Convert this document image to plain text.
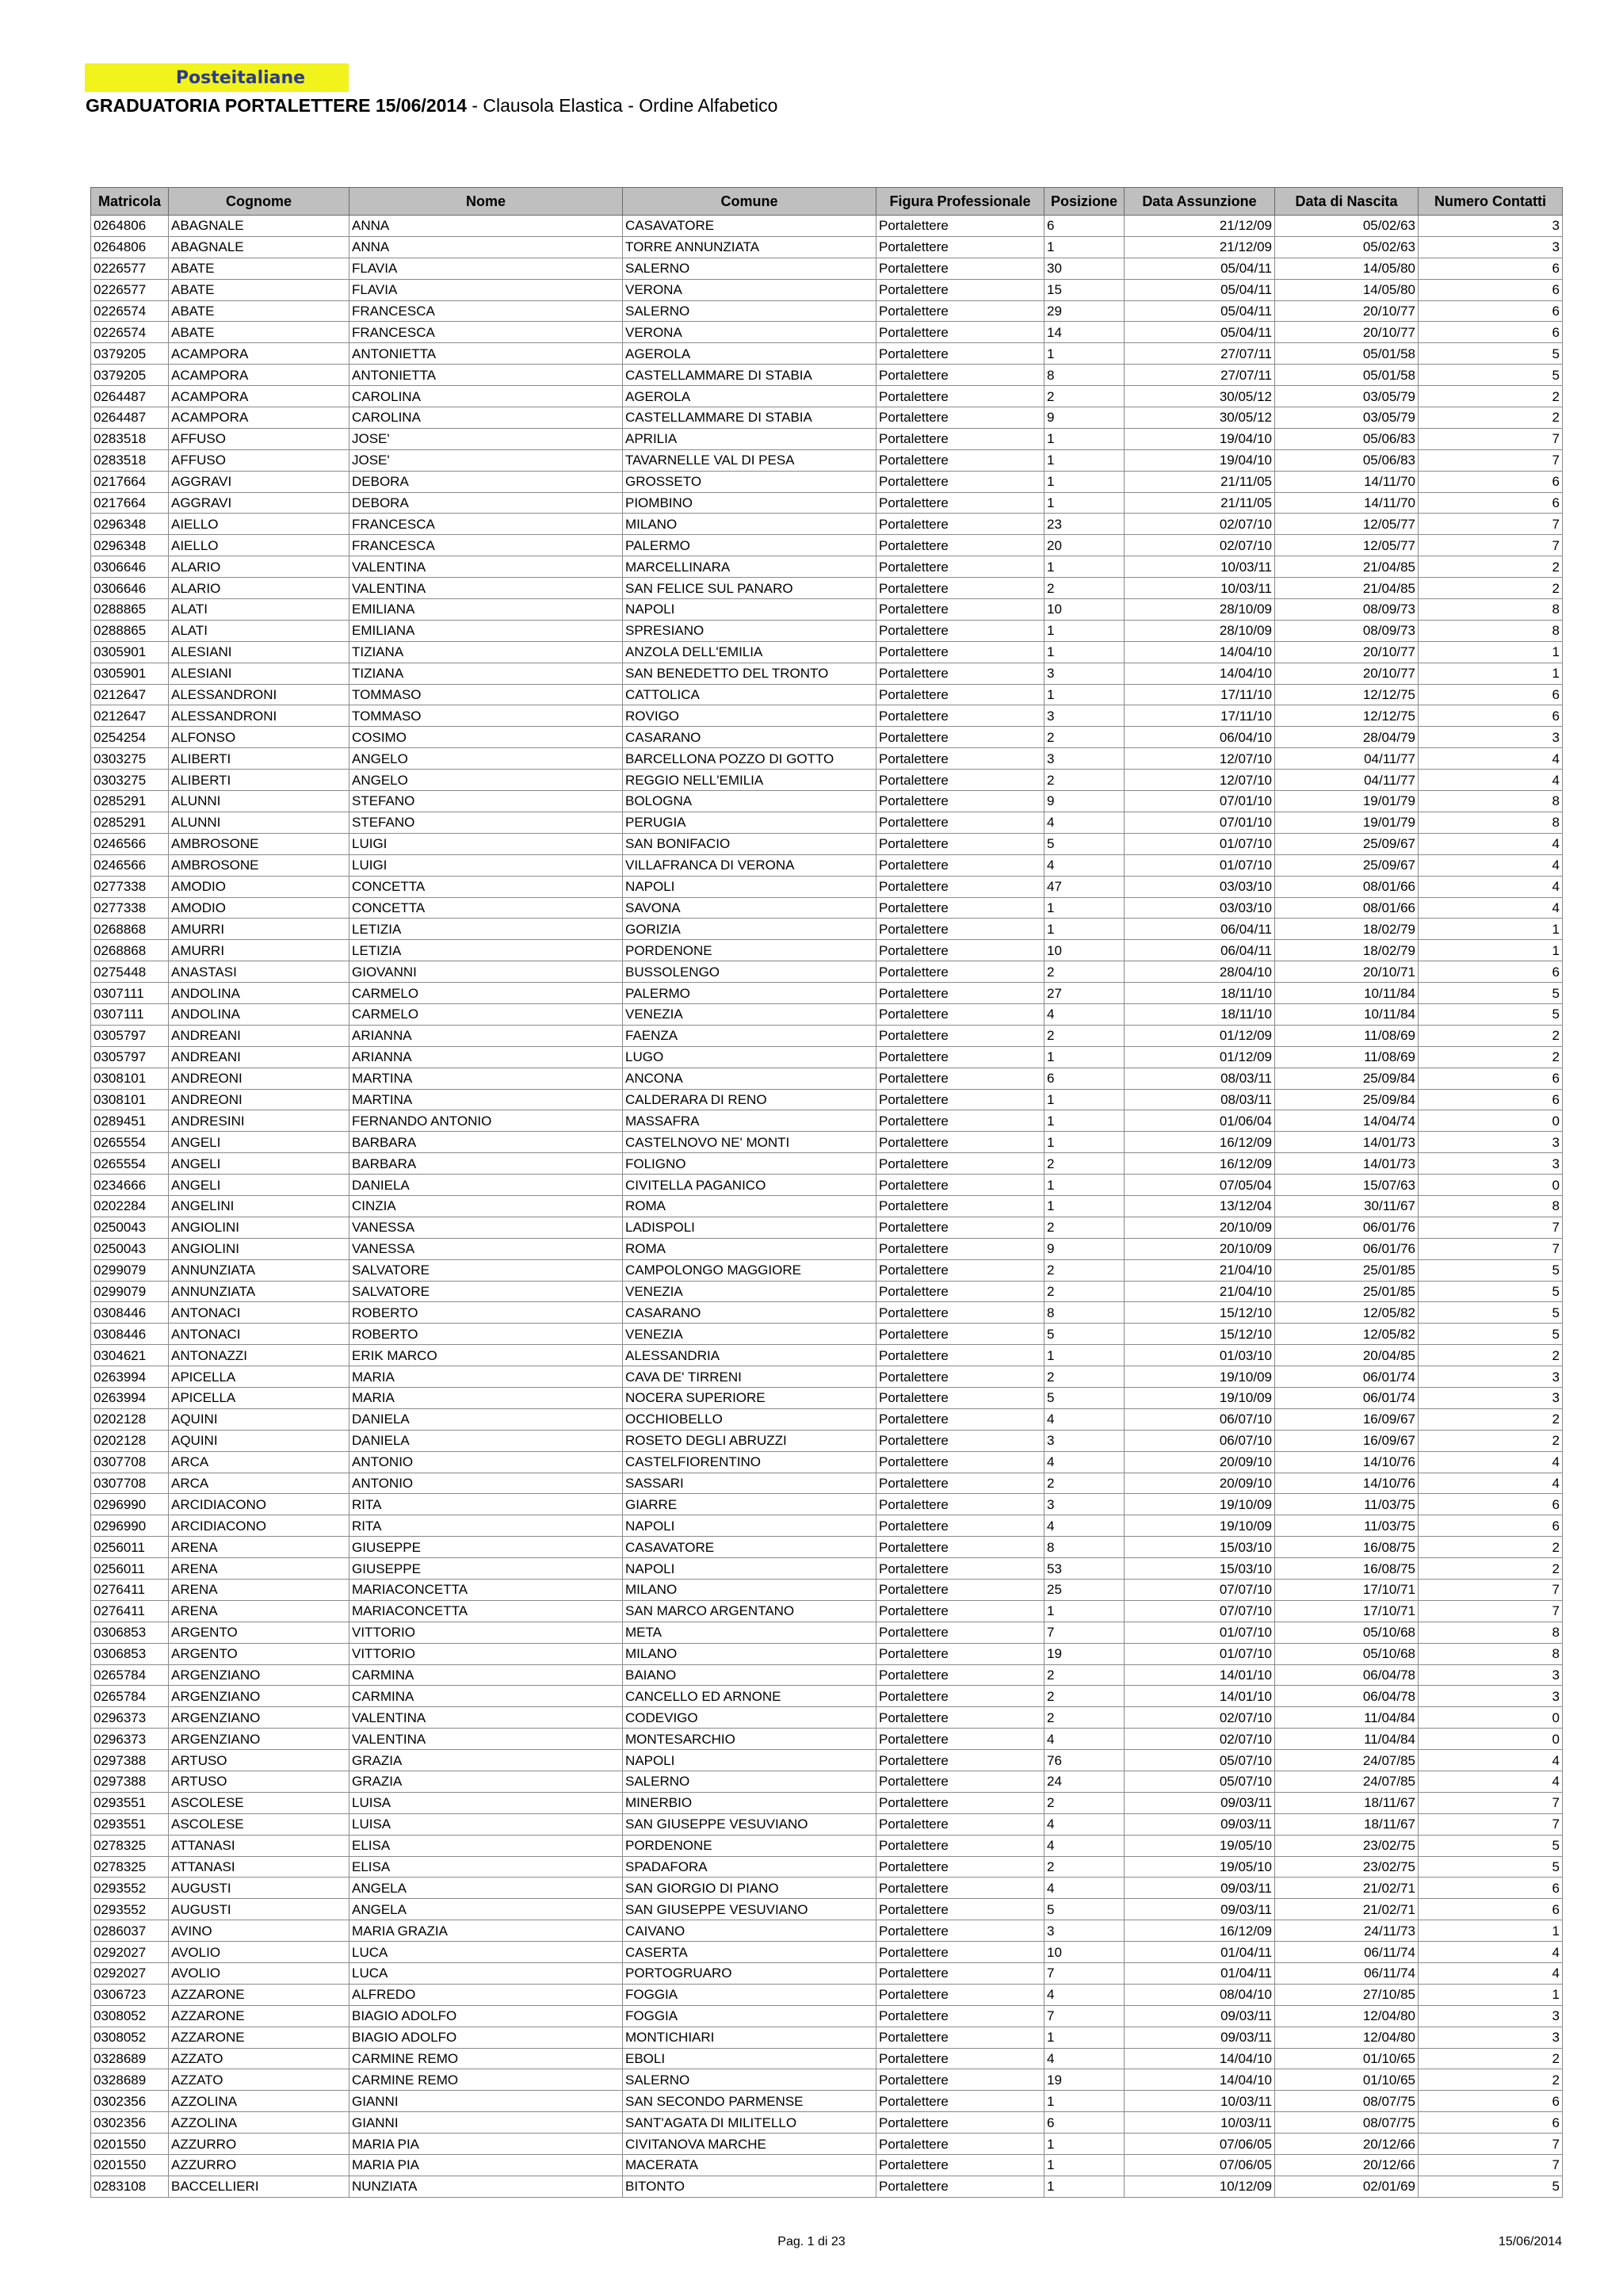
Posteitaliane
GRADUATORIA PORTALETTERE 15/06/2014 - Clausola Elastica - Ordine Alfabetico
Matricola	Cognome	Nome	Comune	Figura Professionale	Posizione	Data Assunzione	Data di Nascita	Numero Contatti
0264806	ABAGNALE	ANNA	CASAVATORE	Portalettere	6	21/12/09	05/02/63	3
0264806	ABAGNALE	ANNA	TORRE ANNUNZIATA	Portalettere	1	21/12/09	05/02/63	3
0226577	ABATE	FLAVIA	SALERNO	Portalettere	30	05/04/11	14/05/80	6
0226577	ABATE	FLAVIA	VERONA	Portalettere	15	05/04/11	14/05/80	6
0226574	ABATE	FRANCESCA	SALERNO	Portalettere	29	05/04/11	20/10/77	6
0226574	ABATE	FRANCESCA	VERONA	Portalettere	14	05/04/11	20/10/77	6
0379205	ACAMPORA	ANTONIETTA	AGEROLA	Portalettere	1	27/07/11	05/01/58	5
0379205	ACAMPORA	ANTONIETTA	CASTELLAMMARE DI STABIA	Portalettere	8	27/07/11	05/01/58	5
0264487	ACAMPORA	CAROLINA	AGEROLA	Portalettere	2	30/05/12	03/05/79	2
0264487	ACAMPORA	CAROLINA	CASTELLAMMARE DI STABIA	Portalettere	9	30/05/12	03/05/79	2
0283518	AFFUSO	JOSE'	APRILIA	Portalettere	1	19/04/10	05/06/83	7
0283518	AFFUSO	JOSE'	TAVARNELLE VAL DI PESA	Portalettere	1	19/04/10	05/06/83	7
0217664	AGGRAVI	DEBORA	GROSSETO	Portalettere	1	21/11/05	14/11/70	6
0217664	AGGRAVI	DEBORA	PIOMBINO	Portalettere	1	21/11/05	14/11/70	6
0296348	AIELLO	FRANCESCA	MILANO	Portalettere	23	02/07/10	12/05/77	7
0296348	AIELLO	FRANCESCA	PALERMO	Portalettere	20	02/07/10	12/05/77	7
0306646	ALARIO	VALENTINA	MARCELLINARA	Portalettere	1	10/03/11	21/04/85	2
0306646	ALARIO	VALENTINA	SAN FELICE SUL PANARO	Portalettere	2	10/03/11	21/04/85	2
0288865	ALATI	EMILIANA	NAPOLI	Portalettere	10	28/10/09	08/09/73	8
0288865	ALATI	EMILIANA	SPRESIANO	Portalettere	1	28/10/09	08/09/73	8
0305901	ALESIANI	TIZIANA	ANZOLA DELL'EMILIA	Portalettere	1	14/04/10	20/10/77	1
0305901	ALESIANI	TIZIANA	SAN BENEDETTO DEL TRONTO	Portalettere	3	14/04/10	20/10/77	1
0212647	ALESSANDRONI	TOMMASO	CATTOLICA	Portalettere	1	17/11/10	12/12/75	6
0212647	ALESSANDRONI	TOMMASO	ROVIGO	Portalettere	3	17/11/10	12/12/75	6
0254254	ALFONSO	COSIMO	CASARANO	Portalettere	2	06/04/10	28/04/79	3
0303275	ALIBERTI	ANGELO	BARCELLONA POZZO DI GOTTO	Portalettere	3	12/07/10	04/11/77	4
0303275	ALIBERTI	ANGELO	REGGIO NELL'EMILIA	Portalettere	2	12/07/10	04/11/77	4
0285291	ALUNNI	STEFANO	BOLOGNA	Portalettere	9	07/01/10	19/01/79	8
0285291	ALUNNI	STEFANO	PERUGIA	Portalettere	4	07/01/10	19/01/79	8
0246566	AMBROSONE	LUIGI	SAN BONIFACIO	Portalettere	5	01/07/10	25/09/67	4
0246566	AMBROSONE	LUIGI	VILLAFRANCA DI VERONA	Portalettere	4	01/07/10	25/09/67	4
0277338	AMODIO	CONCETTA	NAPOLI	Portalettere	47	03/03/10	08/01/66	4
0277338	AMODIO	CONCETTA	SAVONA	Portalettere	1	03/03/10	08/01/66	4
0268868	AMURRI	LETIZIA	GORIZIA	Portalettere	1	06/04/11	18/02/79	1
0268868	AMURRI	LETIZIA	PORDENONE	Portalettere	10	06/04/11	18/02/79	1
0275448	ANASTASI	GIOVANNI	BUSSOLENGO	Portalettere	2	28/04/10	20/10/71	6
0307111	ANDOLINA	CARMELO	PALERMO	Portalettere	27	18/11/10	10/11/84	5
0307111	ANDOLINA	CARMELO	VENEZIA	Portalettere	4	18/11/10	10/11/84	5
0305797	ANDREANI	ARIANNA	FAENZA	Portalettere	2	01/12/09	11/08/69	2
0305797	ANDREANI	ARIANNA	LUGO	Portalettere	1	01/12/09	11/08/69	2
0308101	ANDREONI	MARTINA	ANCONA	Portalettere	6	08/03/11	25/09/84	6
0308101	ANDREONI	MARTINA	CALDERARA DI RENO	Portalettere	1	08/03/11	25/09/84	6
0289451	ANDRESINI	FERNANDO ANTONIO	MASSAFRA	Portalettere	1	01/06/04	14/04/74	0
0265554	ANGELI	BARBARA	CASTELNOVO NE' MONTI	Portalettere	1	16/12/09	14/01/73	3
0265554	ANGELI	BARBARA	FOLIGNO	Portalettere	2	16/12/09	14/01/73	3
0234666	ANGELI	DANIELA	CIVITELLA PAGANICO	Portalettere	1	07/05/04	15/07/63	0
0202284	ANGELINI	CINZIA	ROMA	Portalettere	1	13/12/04	30/11/67	8
0250043	ANGIOLINI	VANESSA	LADISPOLI	Portalettere	2	20/10/09	06/01/76	7
0250043	ANGIOLINI	VANESSA	ROMA	Portalettere	9	20/10/09	06/01/76	7
0299079	ANNUNZIATA	SALVATORE	CAMPOLONGO MAGGIORE	Portalettere	2	21/04/10	25/01/85	5
0299079	ANNUNZIATA	SALVATORE	VENEZIA	Portalettere	2	21/04/10	25/01/85	5
0308446	ANTONACI	ROBERTO	CASARANO	Portalettere	8	15/12/10	12/05/82	5
0308446	ANTONACI	ROBERTO	VENEZIA	Portalettere	5	15/12/10	12/05/82	5
0304621	ANTONAZZI	ERIK MARCO	ALESSANDRIA	Portalettere	1	01/03/10	20/04/85	2
0263994	APICELLA	MARIA	CAVA DE' TIRRENI	Portalettere	2	19/10/09	06/01/74	3
0263994	APICELLA	MARIA	NOCERA SUPERIORE	Portalettere	5	19/10/09	06/01/74	3
0202128	AQUINI	DANIELA	OCCHIOBELLO	Portalettere	4	06/07/10	16/09/67	2
0202128	AQUINI	DANIELA	ROSETO DEGLI ABRUZZI	Portalettere	3	06/07/10	16/09/67	2
0307708	ARCA	ANTONIO	CASTELFIORENTINO	Portalettere	4	20/09/10	14/10/76	4
0307708	ARCA	ANTONIO	SASSARI	Portalettere	2	20/09/10	14/10/76	4
0296990	ARCIDIACONO	RITA	GIARRE	Portalettere	3	19/10/09	11/03/75	6
0296990	ARCIDIACONO	RITA	NAPOLI	Portalettere	4	19/10/09	11/03/75	6
0256011	ARENA	GIUSEPPE	CASAVATORE	Portalettere	8	15/03/10	16/08/75	2
0256011	ARENA	GIUSEPPE	NAPOLI	Portalettere	53	15/03/10	16/08/75	2
0276411	ARENA	MARIACONCETTA	MILANO	Portalettere	25	07/07/10	17/10/71	7
0276411	ARENA	MARIACONCETTA	SAN MARCO ARGENTANO	Portalettere	1	07/07/10	17/10/71	7
0306853	ARGENTO	VITTORIO	META	Portalettere	7	01/07/10	05/10/68	8
0306853	ARGENTO	VITTORIO	MILANO	Portalettere	19	01/07/10	05/10/68	8
0265784	ARGENZIANO	CARMINA	BAIANO	Portalettere	2	14/01/10	06/04/78	3
0265784	ARGENZIANO	CARMINA	CANCELLO ED ARNONE	Portalettere	2	14/01/10	06/04/78	3
0296373	ARGENZIANO	VALENTINA	CODEVIGO	Portalettere	2	02/07/10	11/04/84	0
0296373	ARGENZIANO	VALENTINA	MONTESARCHIO	Portalettere	4	02/07/10	11/04/84	0
0297388	ARTUSO	GRAZIA	NAPOLI	Portalettere	76	05/07/10	24/07/85	4
0297388	ARTUSO	GRAZIA	SALERNO	Portalettere	24	05/07/10	24/07/85	4
0293551	ASCOLESE	LUISA	MINERBIO	Portalettere	2	09/03/11	18/11/67	7
0293551	ASCOLESE	LUISA	SAN GIUSEPPE VESUVIANO	Portalettere	4	09/03/11	18/11/67	7
0278325	ATTANASI	ELISA	PORDENONE	Portalettere	4	19/05/10	23/02/75	5
0278325	ATTANASI	ELISA	SPADAFORA	Portalettere	2	19/05/10	23/02/75	5
0293552	AUGUSTI	ANGELA	SAN GIORGIO DI PIANO	Portalettere	4	09/03/11	21/02/71	6
0293552	AUGUSTI	ANGELA	SAN GIUSEPPE VESUVIANO	Portalettere	5	09/03/11	21/02/71	6
0286037	AVINO	MARIA GRAZIA	CAIVANO	Portalettere	3	16/12/09	24/11/73	1
0292027	AVOLIO	LUCA	CASERTA	Portalettere	10	01/04/11	06/11/74	4
0292027	AVOLIO	LUCA	PORTOGRUARO	Portalettere	7	01/04/11	06/11/74	4
0306723	AZZARONE	ALFREDO	FOGGIA	Portalettere	4	08/04/10	27/10/85	1
0308052	AZZARONE	BIAGIO ADOLFO	FOGGIA	Portalettere	7	09/03/11	12/04/80	3
0308052	AZZARONE	BIAGIO ADOLFO	MONTICHIARI	Portalettere	1	09/03/11	12/04/80	3
0328689	AZZATO	CARMINE REMO	EBOLI	Portalettere	4	14/04/10	01/10/65	2
0328689	AZZATO	CARMINE REMO	SALERNO	Portalettere	19	14/04/10	01/10/65	2
0302356	AZZOLINA	GIANNI	SAN SECONDO PARMENSE	Portalettere	1	10/03/11	08/07/75	6
0302356	AZZOLINA	GIANNI	SANT'AGATA DI MILITELLO	Portalettere	6	10/03/11	08/07/75	6
0201550	AZZURRO	MARIA PIA	CIVITANOVA MARCHE	Portalettere	1	07/06/05	20/12/66	7
0201550	AZZURRO	MARIA PIA	MACERATA	Portalettere	1	07/06/05	20/12/66	7
0283108	BACCELLIERI	NUNZIATA	BITONTO	Portalettere	1	10/12/09	02/01/69	5
Pag. 1 di 23	15/06/2014
